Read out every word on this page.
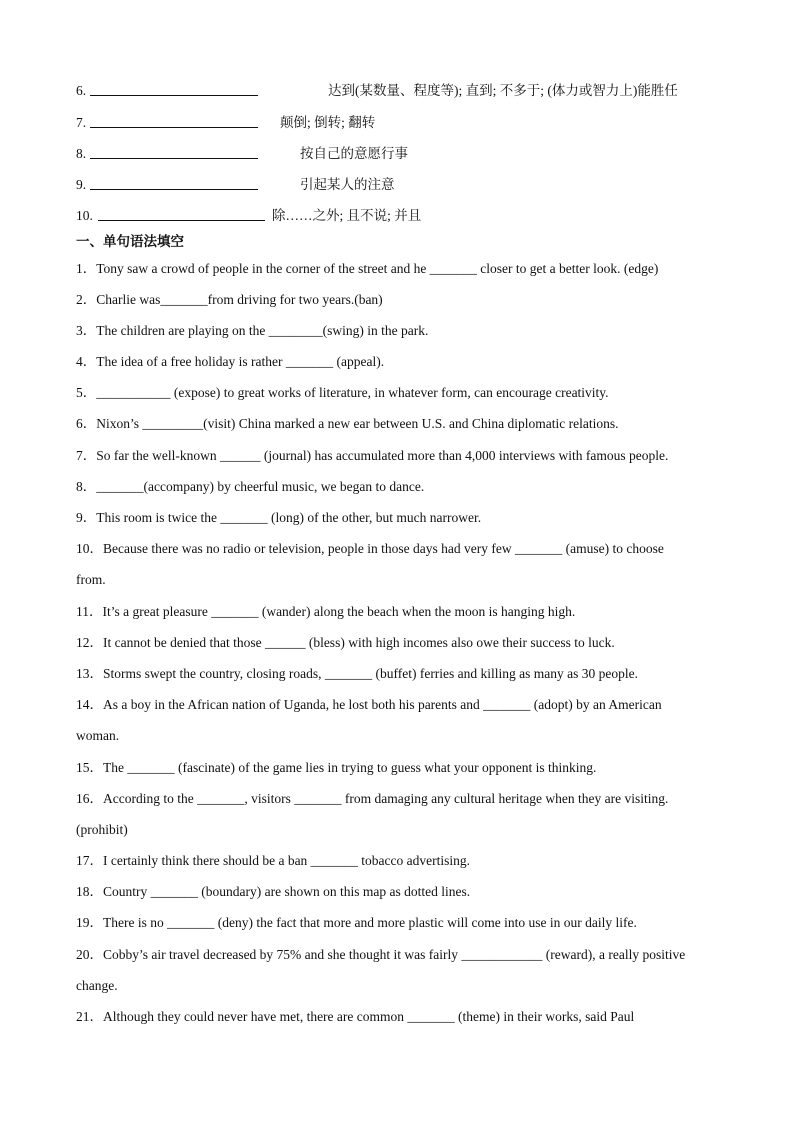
6.	达到(某数量、程度等); 直到; 不多于; (体力或智力上)能胜任
7.	颠倒; 倒转; 翻转
8.	按自己的意愿行事
9.	引起某人的注意
10.	除……之外; 且不说; 并且
一、单句语法填空
1．Tony saw a crowd of people in the corner of the street and he _______ closer to get a better look. (edge)
2．Charlie was_______from driving for two years.(ban)
3．The children are playing on the ________(swing) in the park.
4．The idea of a free holiday is rather _______ (appeal).
5．___________ (expose) to great works of literature, in whatever form, can encourage creativity.
6．Nixon’s _________(visit) China marked a new ear between U.S. and China diplomatic relations.
7．So far the well-known ______ (journal) has accumulated more than 4,000 interviews with famous people.
8．_______(accompany) by cheerful music, we began to dance.
9．This room is twice the _______ (long) of the other, but much narrower.
10．Because there was no radio or television, people in those days had very few _______ (amuse) to choose
from.
11．It’s a great pleasure _______ (wander) along the beach when the moon is hanging high.
12．It cannot be denied that those ______ (bless) with high incomes also owe their success to luck.
13．Storms swept the country, closing roads, _______ (buffet) ferries and killing as many as 30 people.
14．As a boy in the African nation of Uganda, he lost both his parents and _______ (adopt) by an American
woman.
15．The _______ (fascinate) of the game lies in trying to guess what your opponent is thinking.
16．According to the _______, visitors _______ from damaging any cultural heritage when they are visiting.
(prohibit)
17．I certainly think there should be a ban _______ tobacco advertising.
18．Country _______ (boundary) are shown on this map as dotted lines.
19．There is no _______ (deny) the fact that more and more plastic will come into use in our daily life.
20．Cobby’s air travel decreased by 75% and she thought it was fairly ____________ (reward), a really positive
change.
21．Although they could never have met, there are common _______ (theme) in their works, said Paul
